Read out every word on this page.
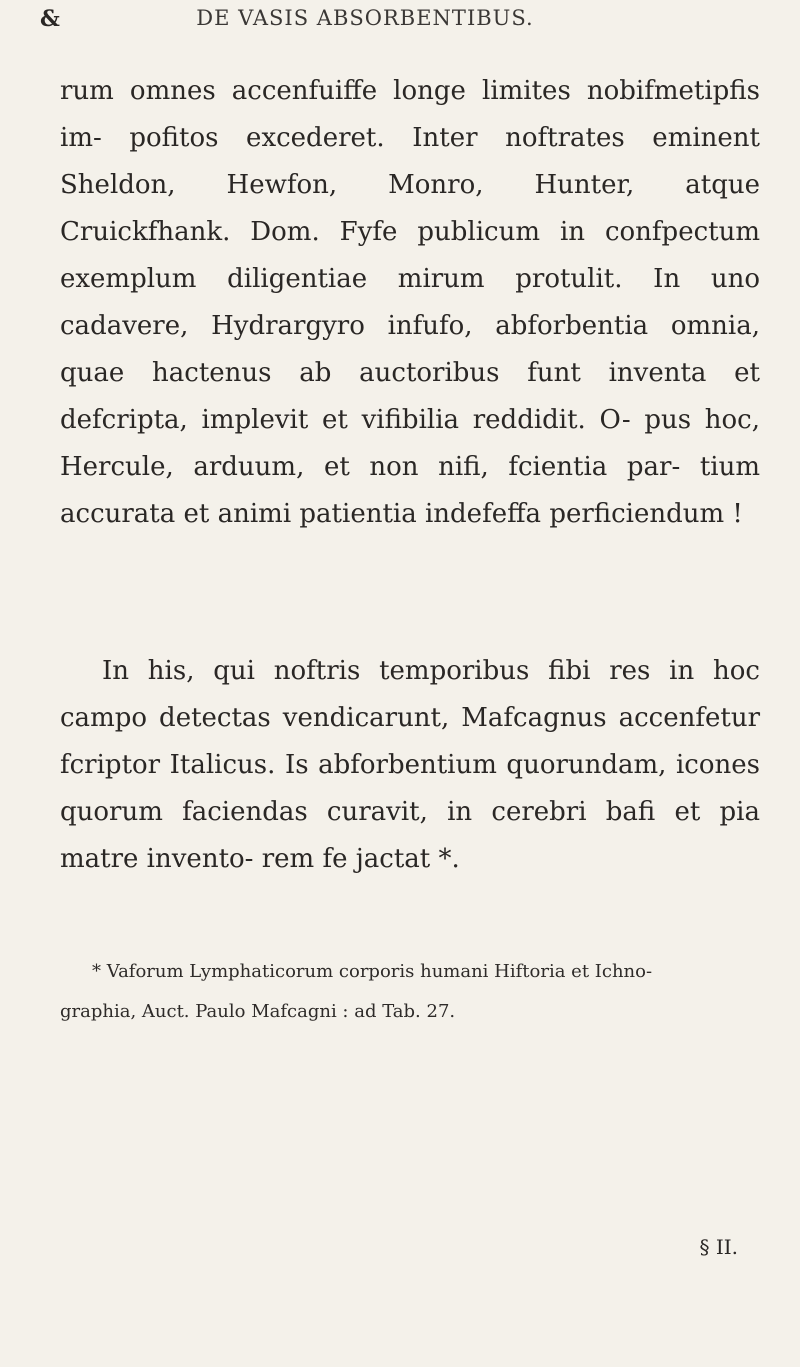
&	DE VASIS ABSORBENTIBUS.

rum omnes accenfuiffe longe limites nobifmetipfis im- pofitos excederet. Inter noftrates eminent Sheldon, Hewfon, Monro, Hunter, atque Cruickfhank. Dom. Fyfe publicum in confpectum exemplum diligentiae mirum protulit. In uno cadavere, Hydrargyro infufo, abforbentia omnia, quae hactenus ab auctoribus funt inventa et defcripta, implevit et vifibilia reddidit. O- pus hoc, Hercule, arduum, et non nifi, fcientia par- tium accurata et animi patientia indefeffa perficiendum !

In his, qui noftris temporibus fibi res in hoc campo detectas vendicarunt, Mafcagnus accenfetur fcriptor Italicus. Is abforbentium quorundam, icones quorum faciendas curavit, in cerebri bafi et pia matre invento- rem fe jactat *.

* Vaforum Lymphaticorum corporis humani Hiftoria et Ichno-
graphia, Auct. Paulo Mafcagni : ad Tab. 27.

§ II.
